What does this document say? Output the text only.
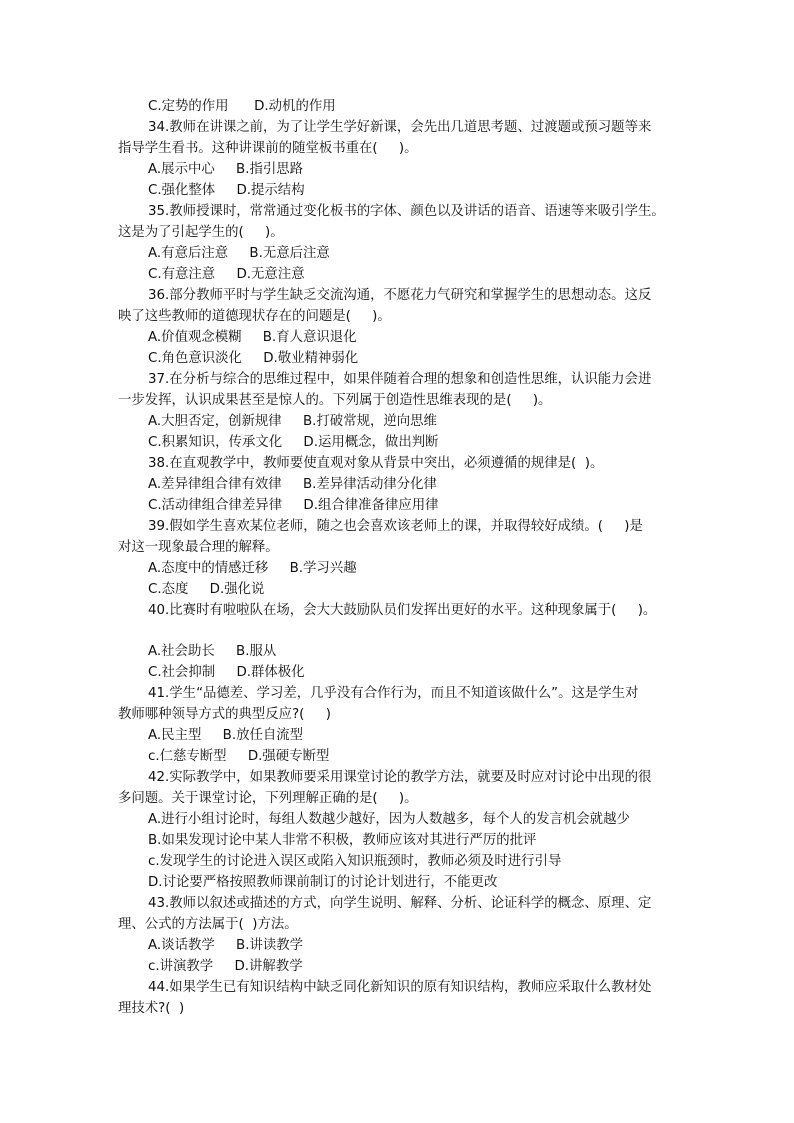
C.定势的作用      D.动机的作用
34.教师在讲课之前，为了让学生学好新课，会先出几道思考题、过渡题或预习题等来
指导学生看书。这种讲课前的随堂板书重在(     )。
A.展示中心     B.指引思路
C.强化整体     D.提示结构
35.教师授课时，常常通过变化板书的字体、颜色以及讲话的语音、语速等来吸引学生。
这是为了引起学生的(     )。
A.有意后注意     B.无意后注意
C.有意注意     D.无意注意
36.部分教师平时与学生缺乏交流沟通，不愿花力气研究和掌握学生的思想动态。这反
映了这些教师的道德现状存在的问题是(     )。
A.价值观念模糊     B.育人意识退化
C.角色意识淡化     D.敬业精神弱化
37.在分析与综合的思维过程中，如果伴随着合理的想象和创造性思维，认识能力会进
一步发挥，认识成果甚至是惊人的。下列属于创造性思维表现的是(     )。
A.大胆否定，创新规律     B.打破常规，逆向思维
C.积累知识，传承文化     D.运用概念，做出判断
38.在直观教学中，教师要使直观对象从背景中突出，必须遵循的规律是(  )。
A.差异律组合律有效律     B.差异律活动律分化律
C.活动律组合律差异律     D.组合律准备律应用律
39.假如学生喜欢某位老师，随之也会喜欢该老师上的课，并取得较好成绩。(     )是
对这一现象最合理的解释。
A.态度中的情感迁移     B.学习兴趣
C.态度     D.强化说
40.比赛时有啦啦队在场，会大大鼓励队员们发挥出更好的水平。这种现象属于(     )。
A.社会助长     B.服从
C.社会抑制     D.群体极化
41.学生“品德差、学习差，几乎没有合作行为，而且不知道该做什么”。这是学生对
教师哪种领导方式的典型反应?(     )
A.民主型     B.放任自流型
c.仁慈专断型     D.强硬专断型
42.实际教学中，如果教师要采用课堂讨论的教学方法，就要及时应对讨论中出现的很
多问题。关于课堂讨论，下列理解正确的是(     )。
A.进行小组讨论时，每组人数越少越好，因为人数越多，每个人的发言机会就越少
B.如果发现讨论中某人非常不积极，教师应该对其进行严厉的批评
c.发现学生的讨论进入误区或陷入知识瓶颈时，教师必须及时进行引导
D.讨论要严格按照教师课前制订的讨论计划进行，不能更改
43.教师以叙述或描述的方式，向学生说明、解释、分析、论证科学的概念、原理、定
理、公式的方法属于(  )方法。
A.谈话教学     B.讲读教学
c.讲演教学     D.讲解教学
44.如果学生已有知识结构中缺乏同化新知识的原有知识结构，教师应采取什么教材处
理技术?(  )
